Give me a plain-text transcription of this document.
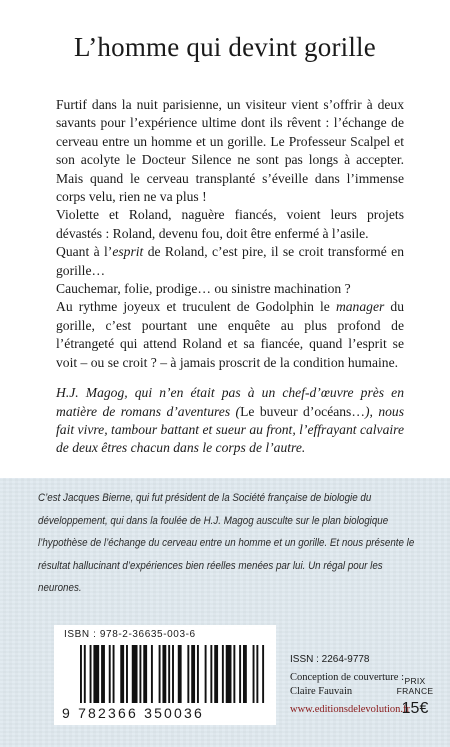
L’homme qui devint gorille

Furtif dans la nuit parisienne, un visiteur vient s’offrir à deux savants pour l’expérience ultime dont ils rêvent : l’échange de cerveau entre un homme et un gorille. Le Professeur Scalpel et son acolyte le Docteur Silence ne sont pas longs à accepter. Mais quand le cerveau transplanté s’éveille dans l’immense corps velu, rien ne va plus !

Violette et Roland, naguère fiancés, voient leurs projets dévastés : Roland, devenu fou, doit être enfermé à l’asile.

Quant à l’esprit de Roland, c’est pire, il se croit transformé en gorille…

Cauchemar, folie, prodige… ou sinistre machination ?

Au rythme joyeux et truculent de Godolphin le manager du gorille, c’est pourtant une enquête au plus profond de l’étrangeté qui attend Roland et sa fiancée, quand l’esprit se voit – ou se croit ? – à jamais proscrit de la condition humaine.

H.J. Magog, qui n’en était pas à un chef-d’œuvre près en matière de romans d’aventures (Le buveur d’océans…), nous fait vivre, tambour battant et sueur au front, l’effrayant calvaire de deux êtres chacun dans le corps de l’autre.

C’est Jacques Bierne, qui fut président de la Société française de biologie du développement, qui dans la foulée de H.J. Magog ausculte sur le plan biologique l’hypothèse de l’échange du cerveau entre un homme et un gorille. Et nous présente le résultat hallucinant d’expériences bien réelles menées par lui. Un régal pour les neurones.

ISBN : 978-2-36635-003-6
9 782366 350036
ISSN : 2264-9778
Conception de couverture :
Claire Fauvain
www.editionsdelevolution.fr
PRIX
FRANCE
15€
